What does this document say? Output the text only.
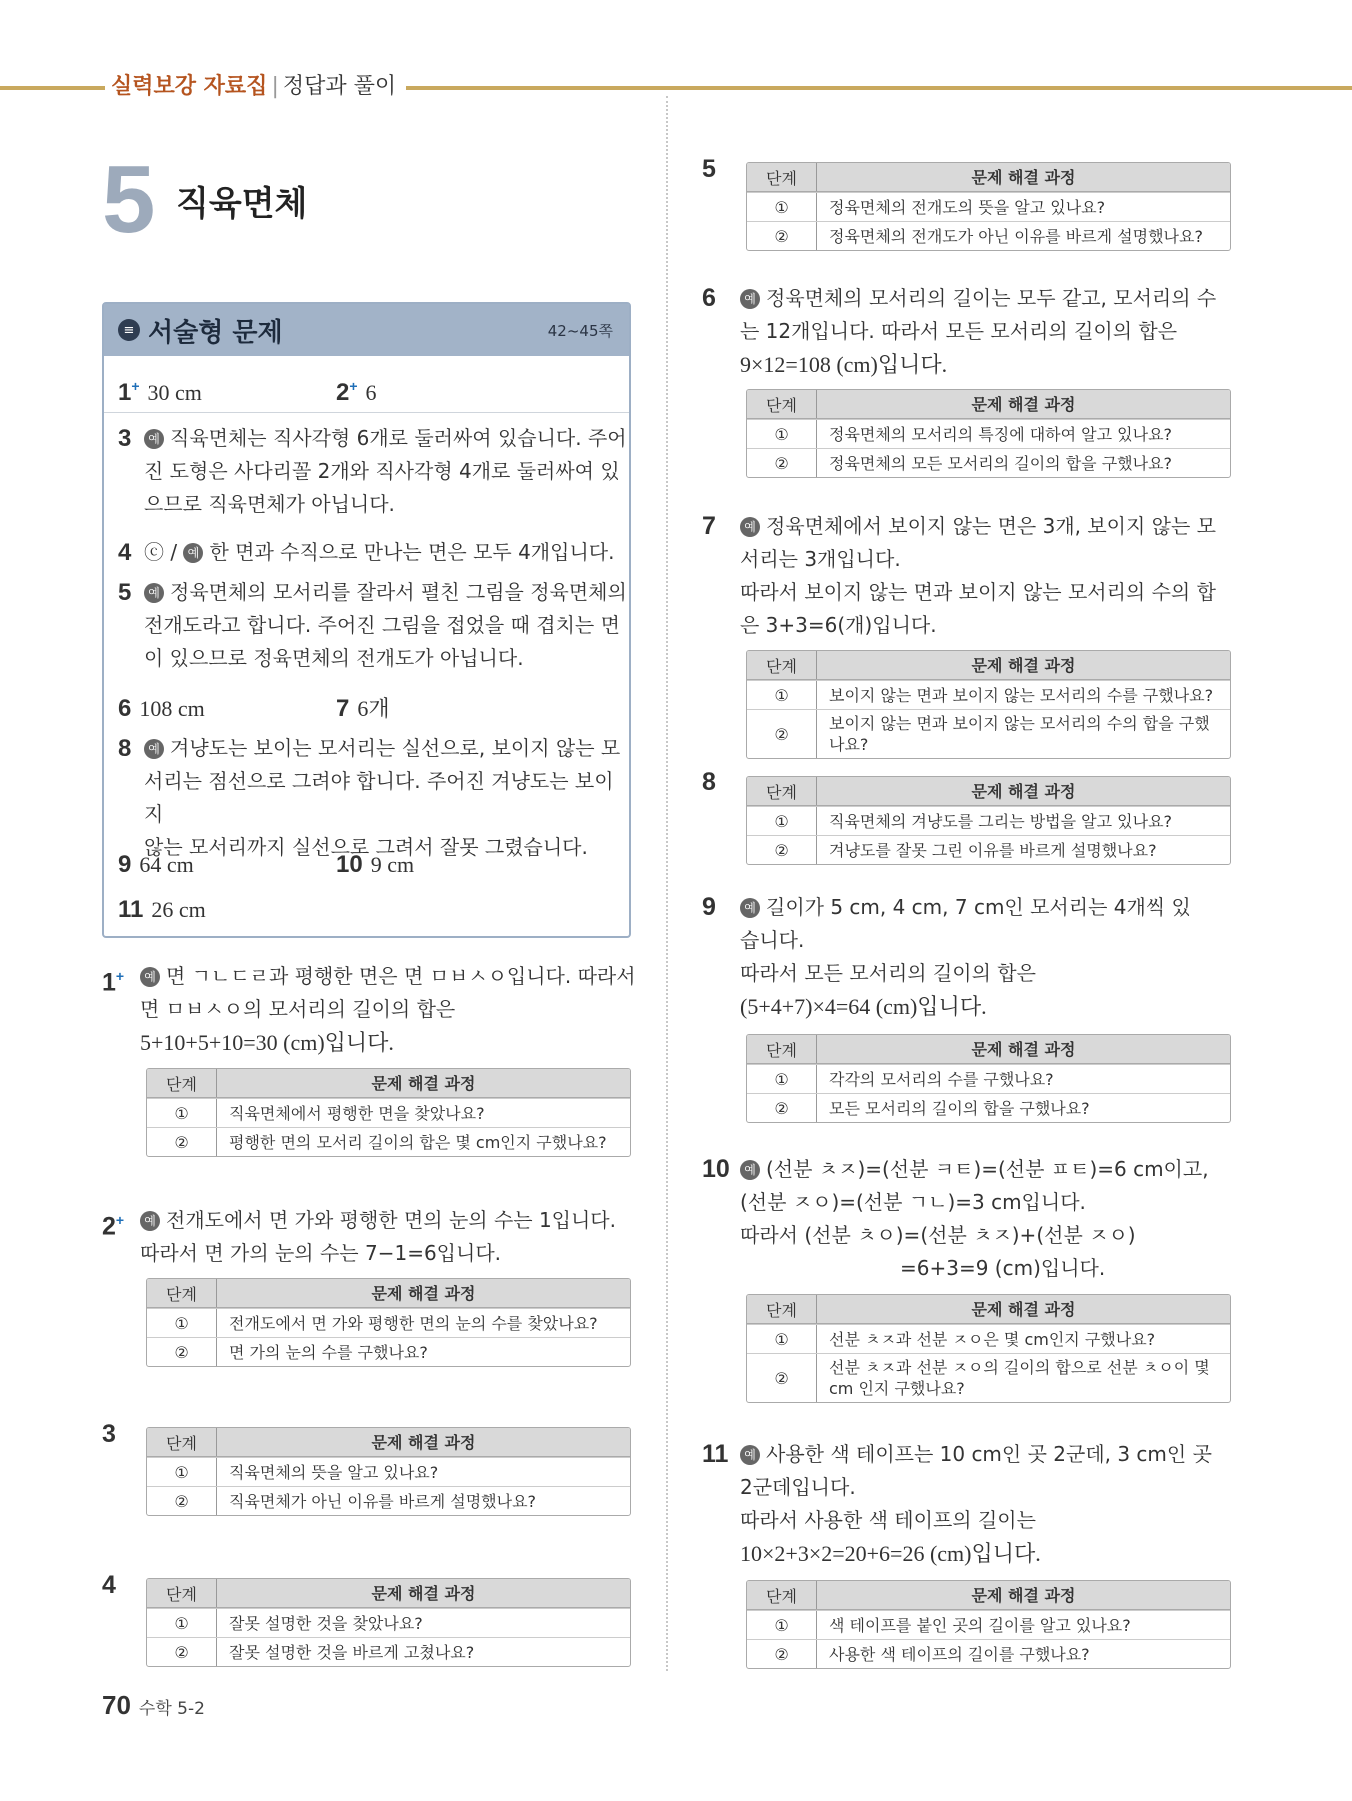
실력보강 자료집 | 정답과 풀이
5 직육면체
≡ 서술형 문제	42~45쪽
1+ 30 cm	2+ 6
3	예 직육면체는 직사각형 6개로 둘러싸여 있습니다. 주어

진 도형은 사다리꼴 2개와 직사각형 4개로 둘러싸여 있

으므로 직육면체가 아닙니다.

4 ⓒ / 예 한 면과 수직으로 만나는 면은 모두 4개입니다.

5	예 정육면체의 모서리를 잘라서 펼친 그림을 정육면체의

전개도라고 합니다. 주어진 그림을 접었을 때 겹치는 면

이 있으므로 정육면체의 전개도가 아닙니다.

6 108 cm	7 6개
8	예 겨냥도는 보이는 모서리는 실선으로, 보이지 않는 모

서리는 점선으로 그려야 합니다. 주어진 겨냥도는 보이지

않는 모서리까지 실선으로 그려서 잘못 그렸습니다.

9 64 cm	10 9 cm
11 26 cm
1+	예 면 ㄱㄴㄷㄹ과 평행한 면은 면 ㅁㅂㅅㅇ입니다. 따라서

면 ㅁㅂㅅㅇ의 모서리의 길이의 합은

5+10+5+10=30 (cm)입니다.

단계	문제 해결 과정
①	직육면체에서 평행한 면을 찾았나요?
②	평행한 면의 모서리 길이의 합은 몇 cm인지 구했나요?
2+	예 전개도에서 면 가와 평행한 면의 눈의 수는 1입니다.

따라서 면 가의 눈의 수는 7−1=6입니다.

단계	문제 해결 과정
①	전개도에서 면 가와 평행한 면의 눈의 수를 찾았나요?
②	면 가의 눈의 수를 구했나요?
3	단계	문제 해결 과정
①	직육면체의 뜻을 알고 있나요?
②	직육면체가 아닌 이유를 바르게 설명했나요?
4	단계	문제 해결 과정
①	잘못 설명한 것을 찾았나요?
②	잘못 설명한 것을 바르게 고쳤나요?
5	단계	문제 해결 과정
①	정육면체의 전개도의 뜻을 알고 있나요?
②	정육면체의 전개도가 아닌 이유를 바르게 설명했나요?
6	예 정육면체의 모서리의 길이는 모두 같고, 모서리의 수

는 12개입니다. 따라서 모든 모서리의 길이의 합은

9×12=108 (cm)입니다.

단계	문제 해결 과정
①	정육면체의 모서리의 특징에 대하여 알고 있나요?
②	정육면체의 모든 모서리의 길이의 합을 구했나요?
7	예 정육면체에서 보이지 않는 면은 3개, 보이지 않는 모

서리는 3개입니다.

따라서 보이지 않는 면과 보이지 않는 모서리의 수의 합

은 3+3=6(개)입니다.

단계	문제 해결 과정
①	보이지 않는 면과 보이지 않는 모서리의 수를 구했나요?
②
보이지 않는 면과 보이지 않는 모서리의 수의 합을 구했나요?
8	단계	문제 해결 과정
①	직육면체의 겨냥도를 그리는 방법을 알고 있나요?
②	겨냥도를 잘못 그린 이유를 바르게 설명했나요?
9	예 길이가 5 cm, 4 cm, 7 cm인 모서리는 4개씩 있

습니다.

따라서 모든 모서리의 길이의 합은

(5+4+7)×4=64 (cm)입니다.

단계	문제 해결 과정
①	각각의 모서리의 수를 구했나요?
②	모든 모서리의 길이의 합을 구했나요?
10	예 (선분 ㅊㅈ)=(선분 ㅋㅌ)=(선분 ㅍㅌ)=6 cm이고,

(선분 ㅈㅇ)=(선분 ㄱㄴ)=3 cm입니다.

따라서 (선분 ㅊㅇ)=(선분 ㅊㅈ)+(선분 ㅈㅇ)

=6+3=9 (cm)입니다.

단계	문제 해결 과정
①	선분 ㅊㅈ과 선분 ㅈㅇ은 몇 cm인지 구했나요?
②
선분 ㅊㅈ과 선분 ㅈㅇ의 길이의 합으로 선분 ㅊㅇ이 몇 cm 인지 구했나요?
11	예 사용한 색 테이프는 10 cm인 곳 2군데, 3 cm인 곳

2군데입니다.

따라서 사용한 색 테이프의 길이는

10×2+3×2=20+6=26 (cm)입니다.

단계	문제 해결 과정
①	색 테이프를 붙인 곳의 길이를 알고 있나요?
②	사용한 색 테이프의 길이를 구했나요?
70 수학 5-2
